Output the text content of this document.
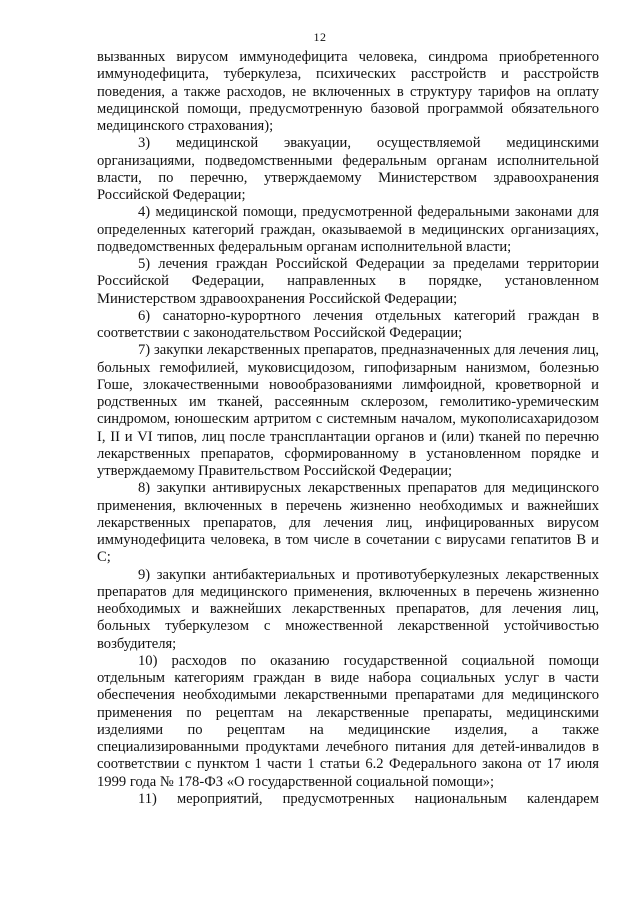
12

вызванных вирусом иммунодефицита человека, синдрома приобретенного иммунодефицита, туберкулеза, психических расстройств и расстройств поведения, а также расходов, не включенных в структуру тарифов на оплату медицинской помощи, предусмотренную базовой программой обязательного медицинского страхования);

3) медицинской эвакуации, осуществляемой медицинскими организациями, подведомственными федеральным органам исполнительной власти, по перечню, утверждаемому Министерством здравоохранения Российской Федерации;

4) медицинской помощи, предусмотренной федеральными законами для определенных категорий граждан, оказываемой в медицинских организациях, подведомственных федеральным органам исполнительной власти;

5) лечения граждан Российской Федерации за пределами территории Российской Федерации, направленных в порядке, установленном Министерством здравоохранения Российской Федерации;

6) санаторно-курортного лечения отдельных категорий граждан в соответствии с законодательством Российской Федерации;

7) закупки лекарственных препаратов, предназначенных для лечения лиц, больных гемофилией, муковисцидозом, гипофизарным нанизмом, болезнью Гоше, злокачественными новообразованиями лимфоидной, кроветворной и родственных им тканей, рассеянным склерозом, гемолитико-уремическим синдромом, юношеским артритом с системным началом, мукополисахаридозом I, II и VI типов, лиц после трансплантации органов и (или) тканей по перечню лекарственных препаратов, сформированному в установленном порядке и утверждаемому Правительством Российской Федерации;

8) закупки антивирусных лекарственных препаратов для медицинского применения, включенных в перечень жизненно необходимых и важнейших лекарственных препаратов, для лечения лиц, инфицированных вирусом иммунодефицита человека, в том числе в сочетании с вирусами гепатитов B и C;

9) закупки антибактериальных и противотуберкулезных лекарственных препаратов для медицинского применения, включенных в перечень жизненно необходимых и важнейших лекарственных препаратов, для лечения лиц, больных туберкулезом с множественной лекарственной устойчивостью возбудителя;

10) расходов по оказанию государственной социальной помощи отдельным категориям граждан в виде набора социальных услуг в части обеспечения необходимыми лекарственными препаратами для медицинского применения по рецептам на лекарственные препараты, медицинскими изделиями по рецептам на медицинские изделия, а также специализированными продуктами лечебного питания для детей-инвалидов в соответствии с пунктом 1 части 1 статьи 6.2 Федерального закона от 17 июля 1999 года № 178-ФЗ «О государственной социальной помощи»;

11) мероприятий, предусмотренных национальным календарем
